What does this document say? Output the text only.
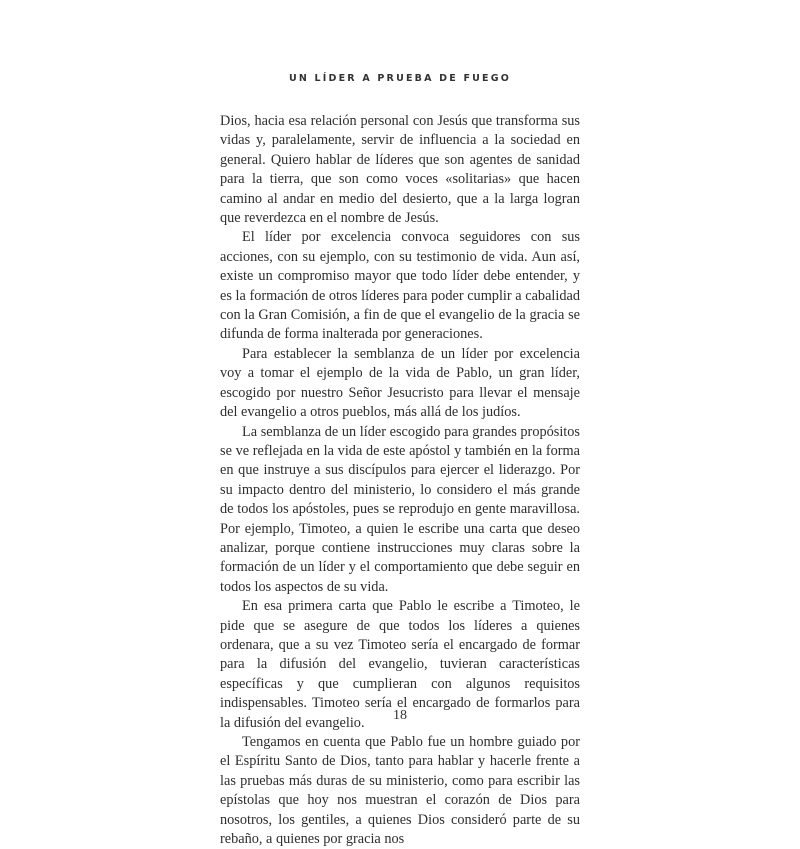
UN LÍDER A PRUEBA DE FUEGO

Dios, hacia esa relación personal con Jesús que transforma sus vidas y, paralelamente, servir de influencia a la sociedad en general. Quiero hablar de líderes que son agentes de sanidad para la tierra, que son como voces «solitarias» que hacen camino al andar en medio del desierto, que a la larga logran que reverdezca en el nombre de Jesús.

El líder por excelencia convoca seguidores con sus acciones, con su ejemplo, con su testimonio de vida. Aun así, existe un compromiso mayor que todo líder debe entender, y es la formación de otros líderes para poder cumplir a cabalidad con la Gran Comisión, a fin de que el evangelio de la gracia se difunda de forma inalterada por generaciones.

Para establecer la semblanza de un líder por excelencia voy a tomar el ejemplo de la vida de Pablo, un gran líder, escogido por nuestro Señor Jesucristo para llevar el mensaje del evangelio a otros pueblos, más allá de los judíos.

La semblanza de un líder escogido para grandes propósitos se ve reflejada en la vida de este apóstol y también en la forma en que instruye a sus discípulos para ejercer el liderazgo. Por su impacto dentro del ministerio, lo considero el más grande de todos los apóstoles, pues se reprodujo en gente maravillosa. Por ejemplo, Timoteo, a quien le escribe una carta que deseo analizar, porque contiene instrucciones muy claras sobre la formación de un líder y el comportamiento que debe seguir en todos los aspectos de su vida.

En esa primera carta que Pablo le escribe a Timoteo, le pide que se asegure de que todos los líderes a quienes ordenara, que a su vez Timoteo sería el encargado de formar para la difusión del evangelio, tuvieran características específicas y que cumplieran con algunos requisitos indispensables. Timoteo sería el encargado de formarlos para la difusión del evangelio.

Tengamos en cuenta que Pablo fue un hombre guiado por el Espíritu Santo de Dios, tanto para hablar y hacerle frente a las pruebas más duras de su ministerio, como para escribir las epístolas que hoy nos muestran el corazón de Dios para nosotros, los gentiles, a quienes Dios consideró parte de su rebaño, a quienes por gracia nos

18
